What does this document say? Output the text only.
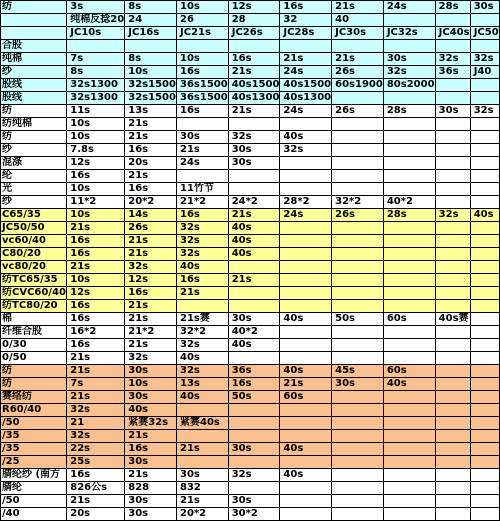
纺	3s	8s	10s	12s	16s	21s	24s	28s	30s
	纯棉反捻20	24	26	28	32	40			
	JC10s	JC16s	JC21s	JC26s	JC28s	JC30s	JC32s	JC40s	JC50
合股									
纯棉	7s	8s	10s	16s	21s	21s	30s	32s	32s
纱	8s	10s	16s	21s	24s	26s	32s	36s	J40
股线	32s1300	32s1500	36s1500	40s1500	40s1500	60s1900	80s2000		
股线	32s1300	32s1500	36s1500	40s1300	40s1300				
纺	11s	13s	16s	21s	24s	26s	28s	30s	32s
纺纯棉	10s	21s							
纺	10s	21s	30s	32s	40s				
纱	7.8s	16s	21s	30s	32s				
混涤	12s	20s	24s	30s					
纶	16s	21s							
光	10s	16s	11竹节						
纱	11*2	20*2	21*2	24*2	28*2	32*2	40*2		
C65/35	10s	14s	16s	21s	24s	26s	28s	32s	40s
JC50/50	21s	26s	32s	40s					
vc60/40	16s	21s	32s	40s					
C80/20	16s	21s	32s	40s					
vc80/20	21s	32s	40s						
纺TC65/35	10s	12s	16s	21s					
纺CVC60/40	12s	16s	21s						
纺TC80/20	16s	21s							
棉	16s	21s	21s赛	30s	40s	50s	60s	40s赛	
纤维合股	16*2	21*2	32*2	40*2					
0/30	16s	21s	32s	40s					
0/50	21s	32s	40s						
纺	21s	30s	32s	36s	40s	45s	60s		
纺	7s	10s	13s	16s	21s	30s	40s		
赛络纺	21s	30s	40s	50s	60s				
R60/40	32s	40s							
/50	21	紧赛32s	紧赛40s						
/35	32s	21s							
/35	22s	16s	21s	30s	40s				
/25	25s	30s							
腈纶纱 (南方	16s	21s	30s	32s	40s				
腈纶	826公s	828	832						
/50	21s	30s	21s	30s					
/40	20s	30s	20*2	30*2					
